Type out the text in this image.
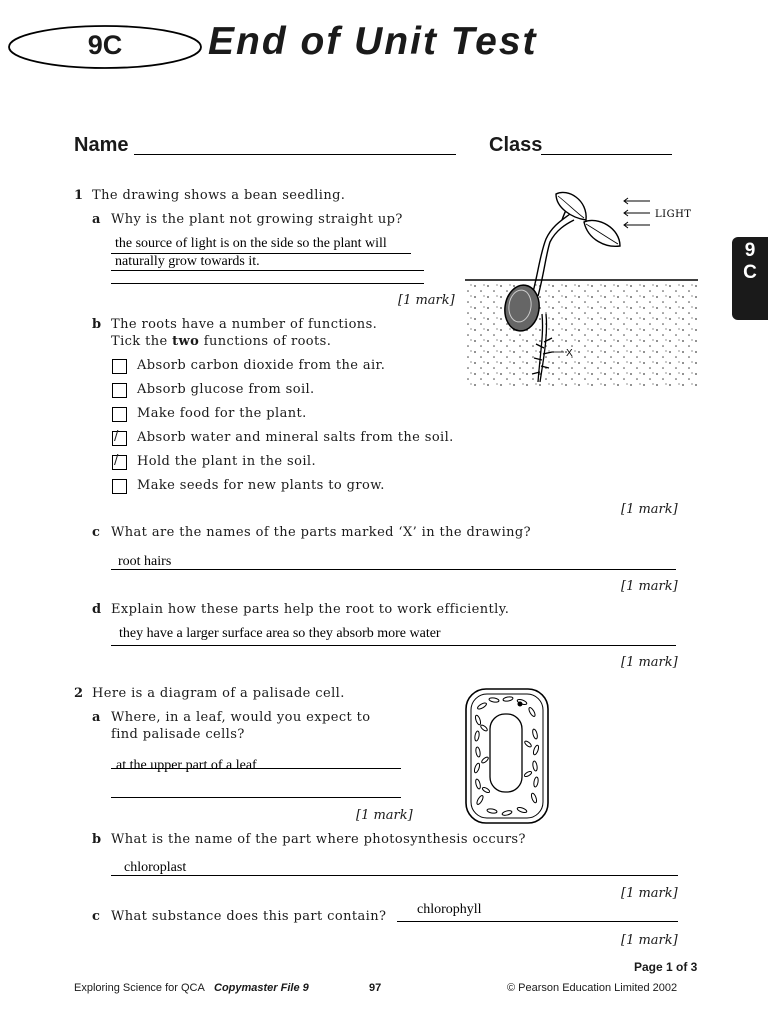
9C	End of Unit Test
Name	Class
9
C
1 The drawing shows a bean seedling.
a Why is the plant not growing straight up?
the source of light is on the side so the plant will
naturally grow towards it.
[1 mark]
X
LIGHT
b The roots have a number of functions.
Tick the two functions of roots.
Absorb carbon dioxide from the air.
Absorb glucose from soil.
Make food for the plant.
/ Absorb water and mineral salts from the soil.
/ Hold the plant in the soil.
Make seeds for new plants to grow.
[1 mark]
c What are the names of the parts marked ‘X’ in the drawing?
root hairs
[1 mark]
d Explain how these parts help the root to work efficiently.
they have a larger surface area so they absorb more water
[1 mark]
2 Here is a diagram of a palisade cell.
a Where, in a leaf, would you expect to
find palisade cells?
at the upper part of a leaf
[1 mark]
b What is the name of the part where photosynthesis occurs?
chloroplast
[1 mark]
c What substance does this part contain? chlorophyll
[1 mark]
Page 1 of 3
Exploring Science for QCA Copymaster File 9	97	© Pearson Education Limited 2002
